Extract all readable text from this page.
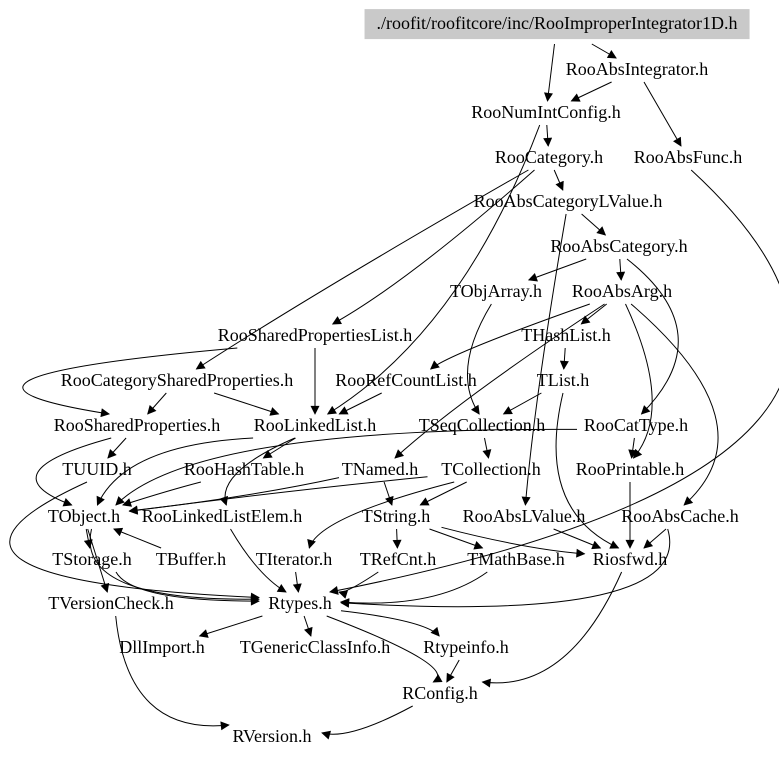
./roofit/roofitcore/inc/RooImproperIntegrator1D.h
RooAbsIntegrator.h
RooNumIntConfig.h
RooCategory.h RooAbsFunc.h
RooAbsCategoryLValue.h
RooAbsCategory.h
TObjArray.h RooAbsArg.h
RooSharedPropertiesList.h	THashList.h
RooCategorySharedProperties.h RooRefCountList.h	TList.h
RooSharedProperties.h RooLinkedList.h TSeqCollection.h RooCatType.h
TUUID.h	RooHashTable.h TNamed.h TCollection.h RooPrintable.h
TObject.h RooLinkedListElem.h	TString.h RooAbsLValue.h RooAbsCache.h
TStorage.h TBuffer.h TIterator.h TRefCnt.h TMathBase.h Riosfwd.h
TVersionCheck.h	Rtypes.h
DllImport.h TGenericClassInfo.h Rtypeinfo.h
RConfig.h
RVersion.h
